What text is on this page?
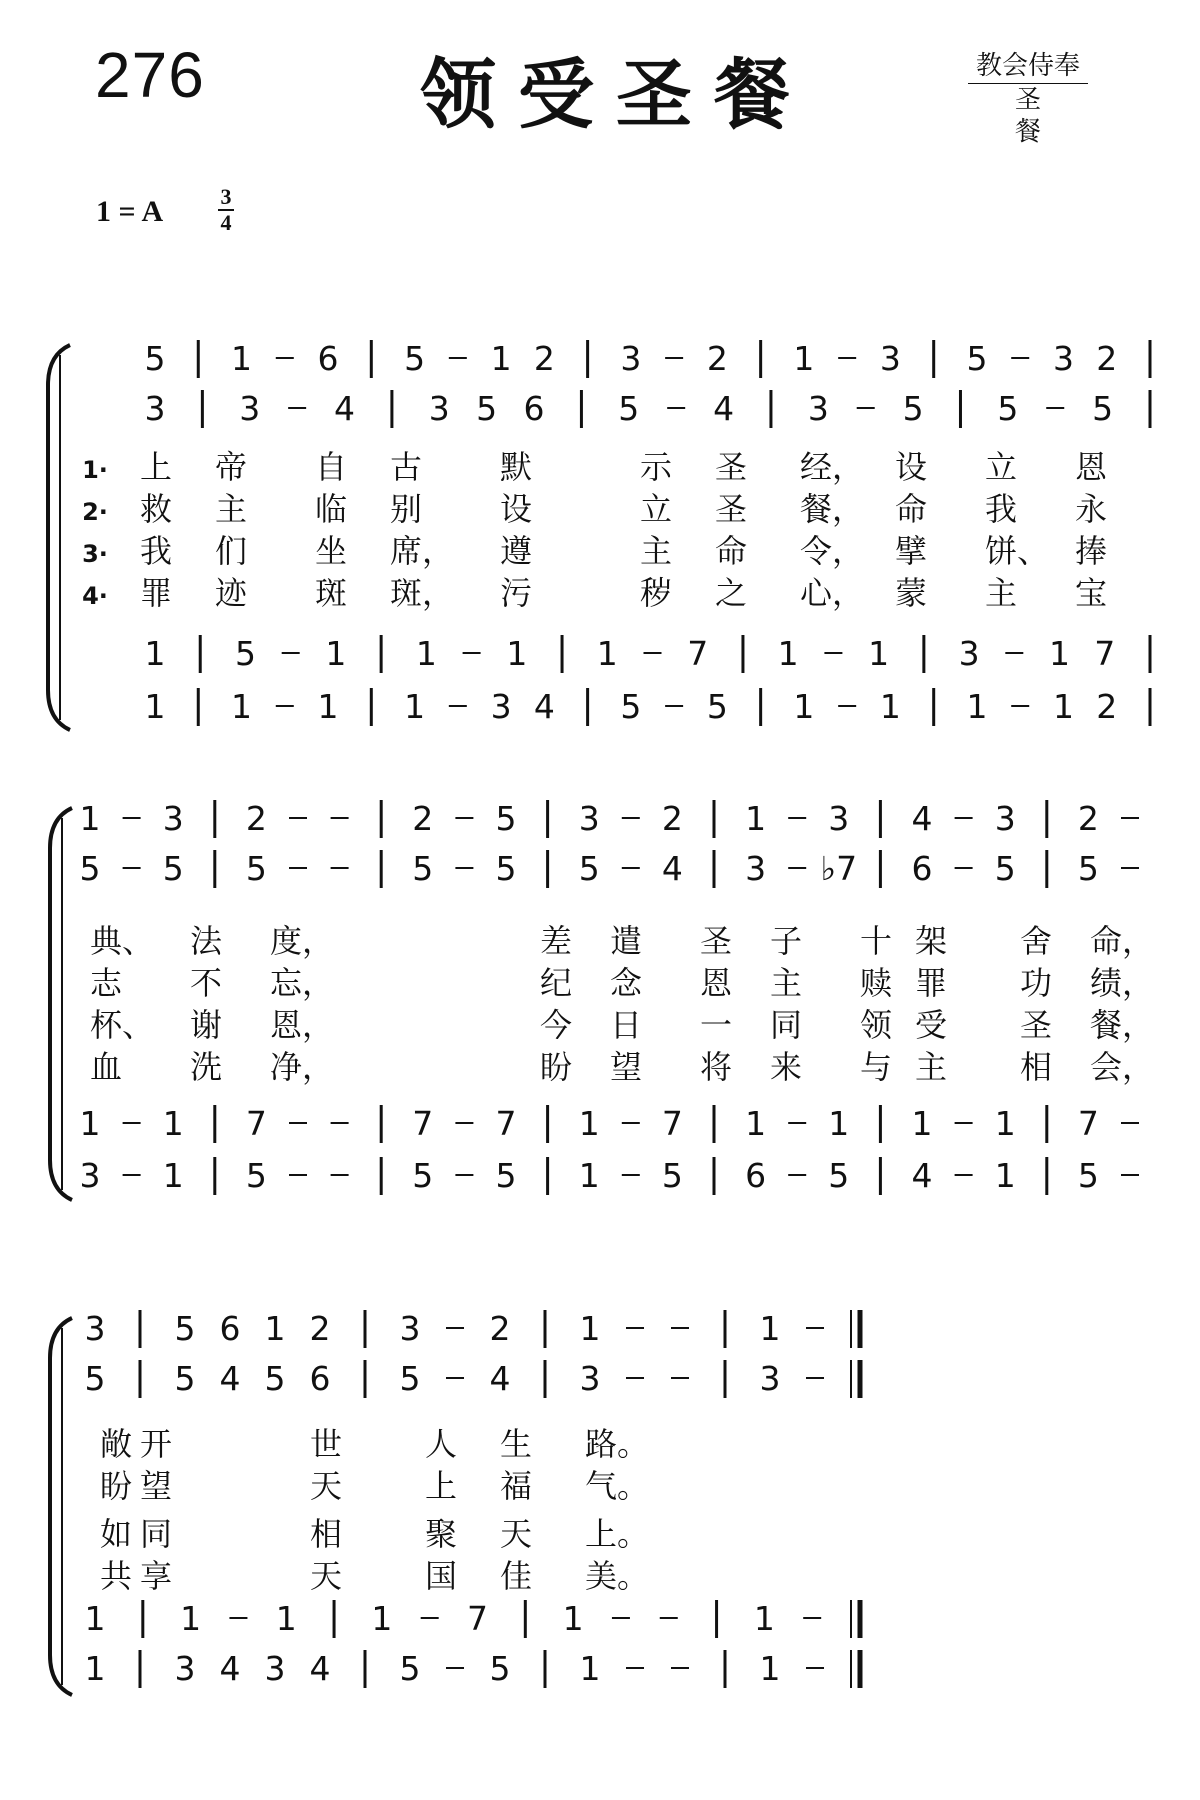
276	领受圣餐	教会侍奉
圣餐
1 = A	3
4
5 1 6 5 1 2 3 2 1 3 5 3 2
3 3 4 3 5 6 5 4 3 5 5 5
1 5 1 1 1 1 7 1 1 3 1 7
1 1 1 1 3 4 5 5 1 1 1 1 2
1· 上 帝 自 古 默	示 圣 经， 设 立 恩
2· 救 主 临 别 设	立 圣 餐， 命 我 永
3· 我 们 坐 席， 遵	主 命 令， 擘 饼、 捧
4· 罪 迹 斑 斑， 污	秽 之 心， 蒙 主 宝
1 3 2	2 5 3 2 1 3 4 3 2
5 5 5	5 5 5 4 3 ♭7 6 5 5
1 1 7	7 7 1 7 1 1 1 1 7
3 1 5	5 5 1 5 6 5 4 1 5
典、 法 度，	差 遣 圣 子 十 架 舍 命，
志 不 忘，	纪 念 恩 主 赎 罪 功 绩，
杯、 谢 恩，	今 日 一 同 领 受 圣 餐，
血 洗 净，	盼 望 将 来 与 主 相 会，
3 5 6 1 2 3 2 1	1
5 5 4 5 6 5 4 3	3
1 1 1 1 7 1	1
1 3 4 3 4 5 5 1	1
敞 开	世	人 生 路。
盼 望	天	上 福 气。
如 同	相	聚 天 上。
共 享	天	国 佳 美。
